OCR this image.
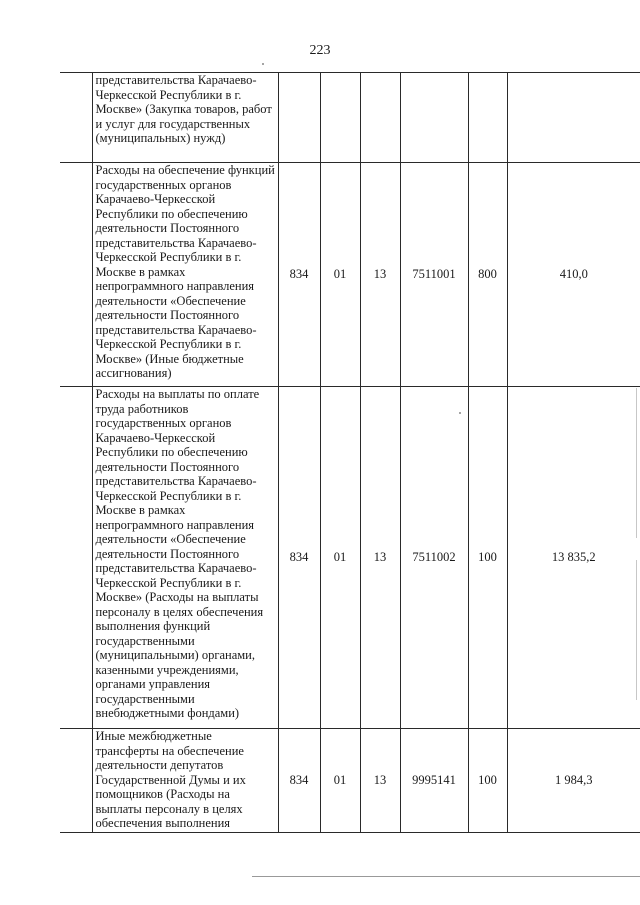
223
	представительства Карачаево-Черкесской Республики в г. Москве» (Закупка товаров, работ и услуг для государственных (муниципальных) нужд)						
	Расходы на обеспечение функций государственных органов Карачаево-Черкесской Республики по обеспечению деятельности Постоянного представительства Карачаево-Черкесской Республики в г. Москве в рамках непрограммного направления деятельности «Обеспечение деятельности Постоянного представительства Карачаево-Черкесской Республики в г. Москве» (Иные бюджетные ассигнования)	834	01	13	7511001	800	410,0
	Расходы на выплаты по оплате труда работников государственных органов Карачаево-Черкесской Республики по обеспечению деятельности Постоянного представительства Карачаево-Черкесской Республики в г. Москве в рамках непрограммного направления деятельности «Обеспечение деятельности Постоянного представительства Карачаево-Черкесской Республики в г. Москве» (Расходы на выплаты персоналу в целях обеспечения выполнения функций государственными (муниципальными) органами, казенными учреждениями, органами управления государственными внебюджетными фондами)	834	01	13	7511002	100	13 835,2
	Иные межбюджетные трансферты на обеспечение деятельности депутатов Государственной Думы и их помощников (Расходы на выплаты персоналу в целях обеспечения выполнения	834	01	13	9995141	100	1 984,3
